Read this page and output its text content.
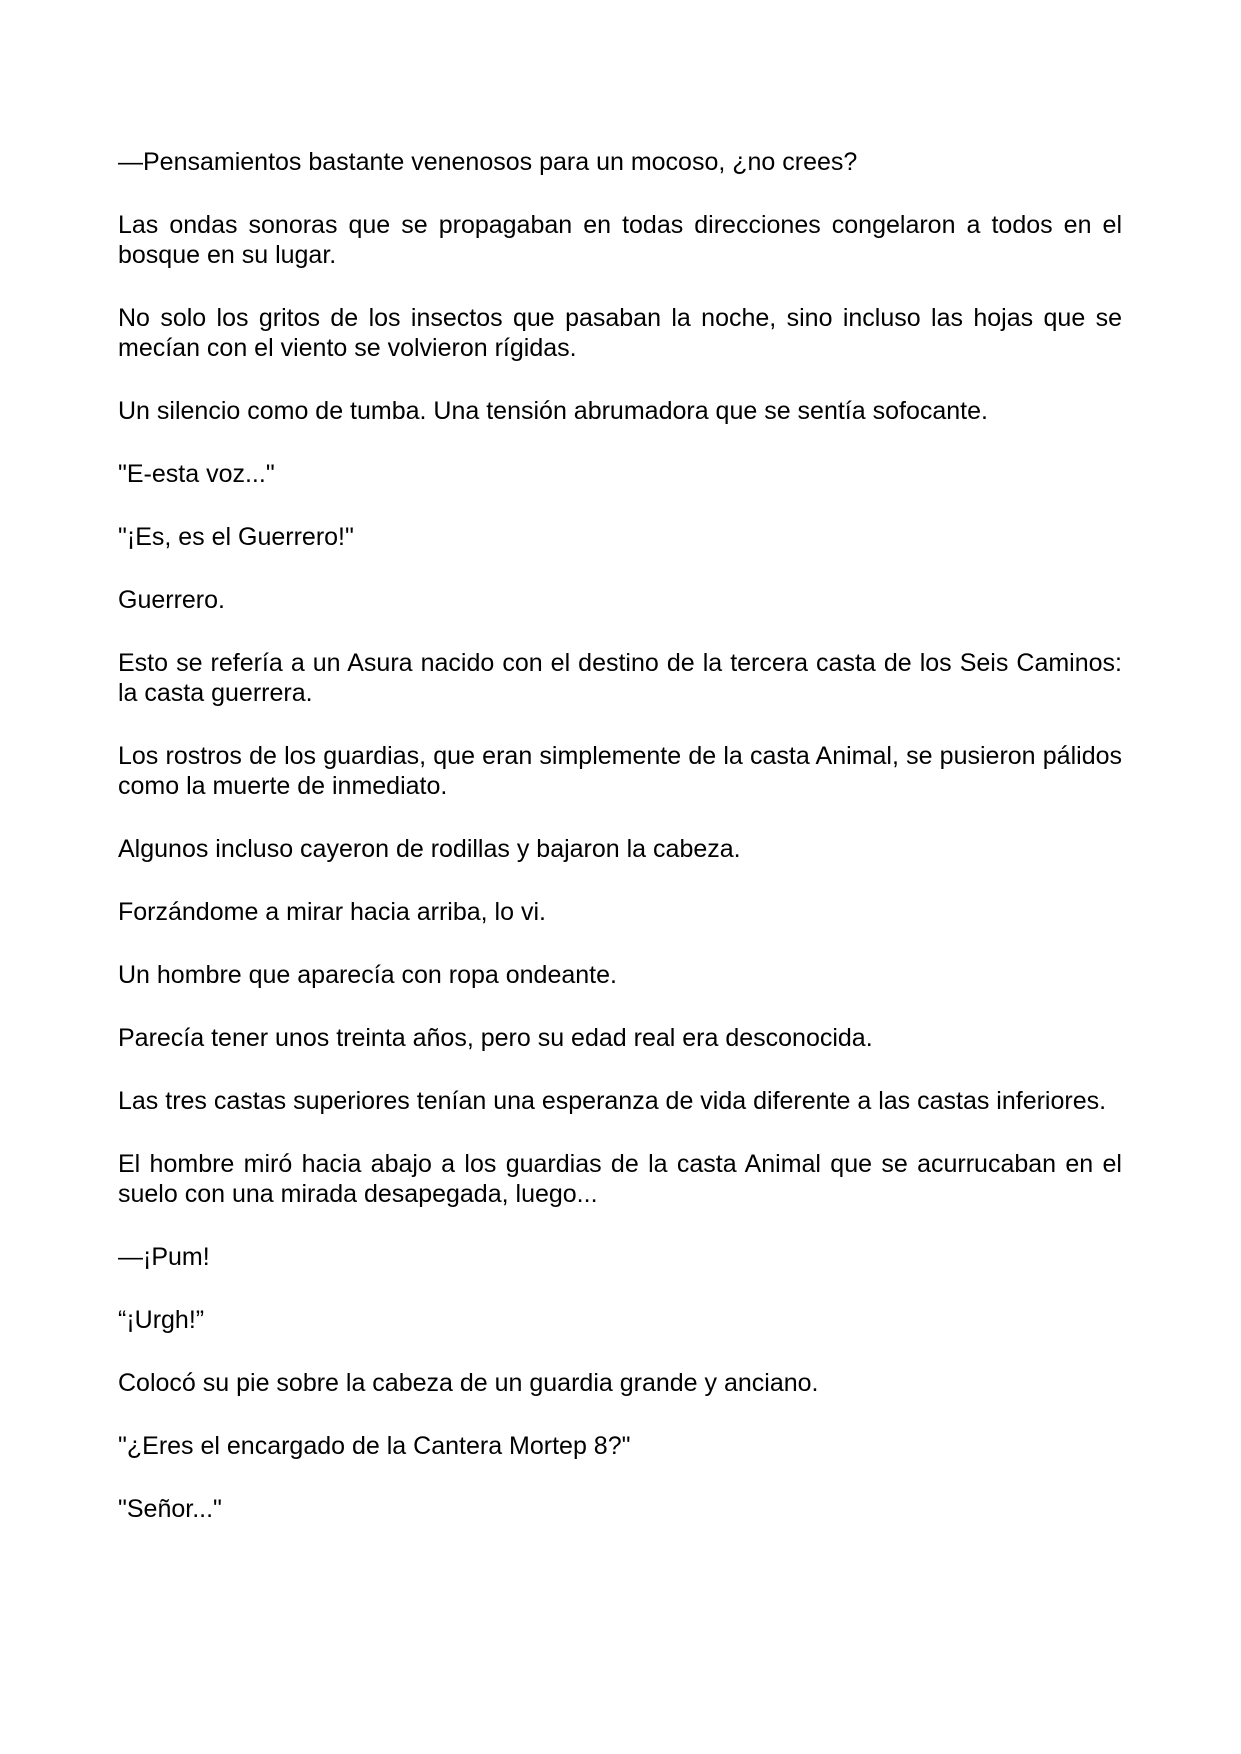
—Pensamientos bastante venenosos para un mocoso, ¿no crees?

Las ondas sonoras que se propagaban en todas direcciones congelaron a todos en el bosque en su lugar.

No solo los gritos de los insectos que pasaban la noche, sino incluso las hojas que se mecían con el viento se volvieron rígidas.

Un silencio como de tumba. Una tensión abrumadora que se sentía sofocante.

"E-esta voz..."

"¡Es, es el Guerrero!"

Guerrero.

Esto se refería a un Asura nacido con el destino de la tercera casta de los Seis Caminos: la casta guerrera.

Los rostros de los guardias, que eran simplemente de la casta Animal, se pusieron pálidos como la muerte de inmediato.

Algunos incluso cayeron de rodillas y bajaron la cabeza.

Forzándome a mirar hacia arriba, lo vi.

Un hombre que aparecía con ropa ondeante.

Parecía tener unos treinta años, pero su edad real era desconocida.

Las tres castas superiores tenían una esperanza de vida diferente a las castas inferiores.

El hombre miró hacia abajo a los guardias de la casta Animal que se acurrucaban en el suelo con una mirada desapegada, luego...

—¡Pum!

“¡Urgh!”

Colocó su pie sobre la cabeza de un guardia grande y anciano.

"¿Eres el encargado de la Cantera Mortep 8?"

"Señor..."
